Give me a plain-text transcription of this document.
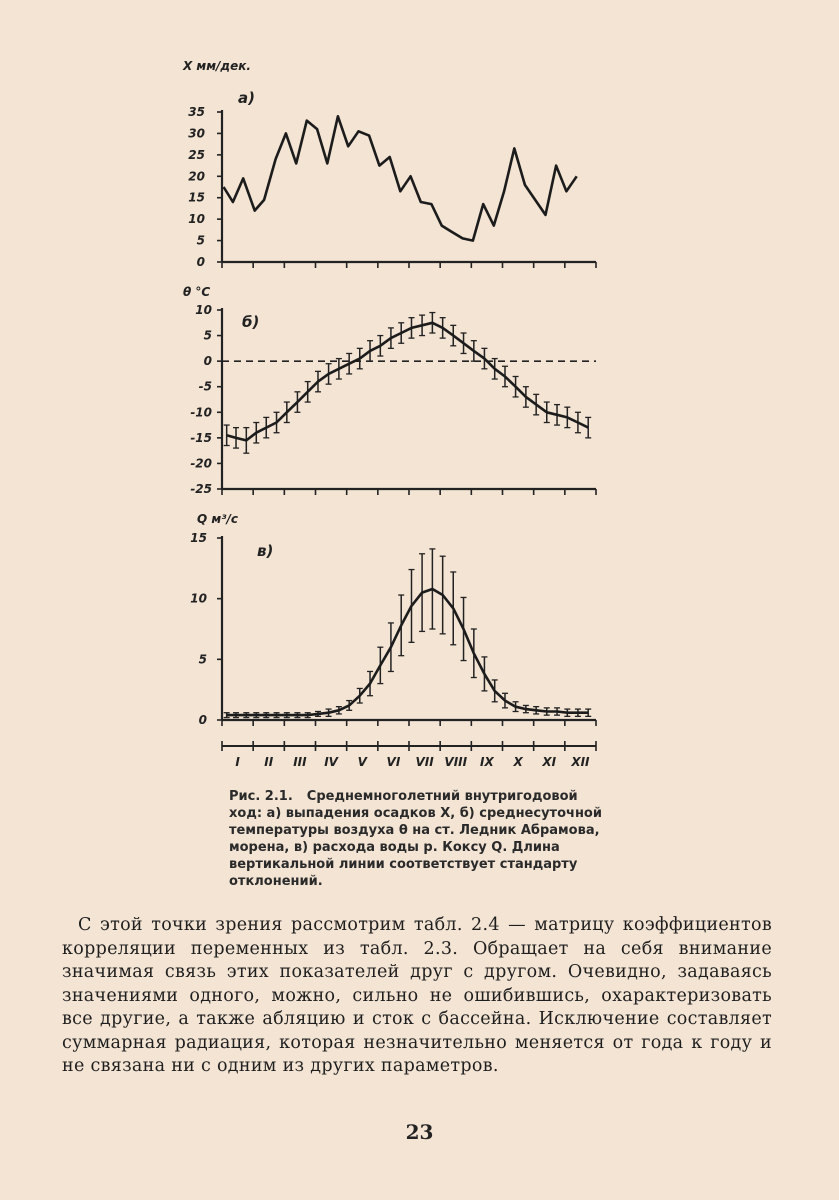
0
5
10
15
20
25
30
35
X мм/дек.
а)
-25
-20
-15
-10
-5
0
5
10
θ °C
б)
0
5
10
15
Q м³/с
в)
I II III IV V VI VII VIII IX X XI XII
Рис. 2.1. Среднемноголетний внутригодовой ход: а) выпадения осадков X, б) среднесуточной температуры воздуха θ на ст. Ледник Абрамова, морена, в) расхода воды р. Коксу Q. Длина вертикальной линии соответствует стандарту отклонений.

С этой точки зрения рассмотрим табл. 2.4 — матрицу коэффициентов корреляции переменных из табл. 2.3. Обращает на себя внимание значимая связь этих показателей друг с другом. Очевидно, задаваясь значениями одного, можно, сильно не ошибившись, охарактеризовать все другие, а также абляцию и сток с бассейна. Исключение составляет суммарная радиация, которая незначительно меняется от года к году и не связана ни с одним из других параметров.

23
